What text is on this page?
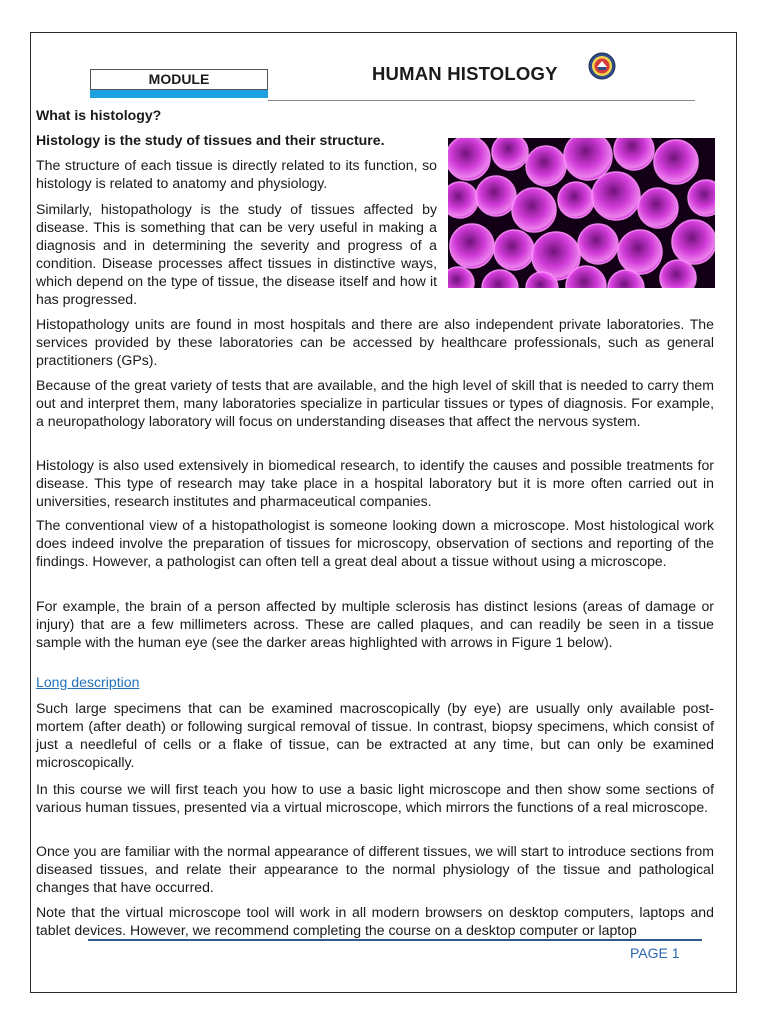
MODULE	HUMAN HISTOLOGY
What is histology?
Histology is the study of tissues and their structure.

The structure of each tissue is directly related to its function, so histology is related to anatomy and physiology.

Similarly, histopathology is the study of tissues affected by disease. This is something that can be very useful in making a diagnosis and in determining the severity and progress of a condition. Disease processes affect tissues in distinctive ways, which depend on the type of tissue, the disease itself and how it has progressed.

Histopathology units are found in most hospitals and there are also independent private laboratories. The services provided by these laboratories can be accessed by healthcare professionals, such as general practitioners (GPs).

Because of the great variety of tests that are available, and the high level of skill that is needed to carry them out and interpret them, many laboratories specialize in particular tissues or types of diagnosis. For example, a neuropathology laboratory will focus on understanding diseases that affect the nervous system.

Histology is also used extensively in biomedical research, to identify the causes and possible treatments for disease. This type of research may take place in a hospital laboratory but it is more often carried out in universities, research institutes and pharmaceutical companies.

The conventional view of a histopathologist is someone looking down a microscope. Most histological work does indeed involve the preparation of tissues for microscopy, observation of sections and reporting of the findings. However, a pathologist can often tell a great deal about a tissue without using a microscope.

For example, the brain of a person affected by multiple sclerosis has distinct lesions (areas of damage or injury) that are a few millimeters across. These are called plaques, and can readily be seen in a tissue sample with the human eye (see the darker areas highlighted with arrows in Figure 1 below).

Long description

Such large specimens that can be examined macroscopically (by eye) are usually only available post-mortem (after death) or following surgical removal of tissue. In contrast, biopsy specimens, which consist of just a needleful of cells or a flake of tissue, can be extracted at any time, but can only be examined microscopically.

In this course we will first teach you how to use a basic light microscope and then show some sections of various human tissues, presented via a virtual microscope, which mirrors the functions of a real microscope.

Once you are familiar with the normal appearance of different tissues, we will start to introduce sections from diseased tissues, and relate their appearance to the normal physiology of the tissue and pathological changes that have occurred.

Note that the virtual microscope tool will work in all modern browsers on desktop computers, laptops and tablet devices. However, we recommend completing the course on a desktop computer or laptop

PAGE 1
